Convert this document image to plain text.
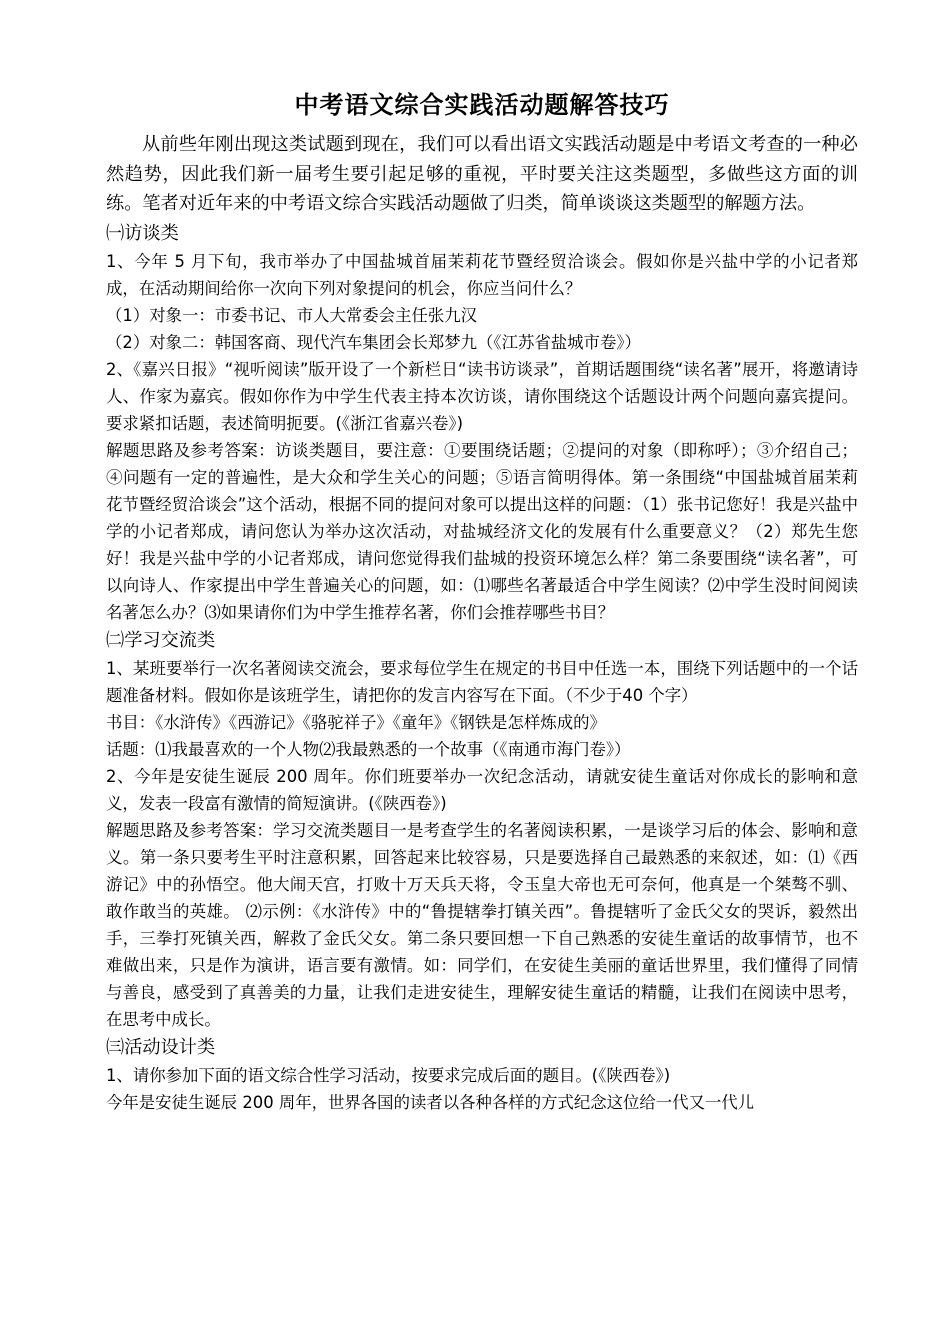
中考语文综合实践活动题解答技巧

从前些年刚出现这类试题到现在，我们可以看出语文实践活动题是中考语文考查的一种必然趋势，因此我们新一届考生要引起足够的重视，平时要关注这类题型，多做些这方面的训练。笔者对近年来的中考语文综合实践活动题做了归类，简单谈谈这类题型的解题方法。

㈠访谈类

1、今年 5 月下旬，我市举办了中国盐城首届茉莉花节暨经贸洽谈会。假如你是兴盐中学的小记者郑成，在活动期间给你一次向下列对象提问的机会，你应当问什么？

（1）对象一：市委书记、市人大常委会主任张九汉

（2）对象二：韩国客商、现代汽车集团会长郑梦九（《江苏省盐城市卷》）

2、《嘉兴日报》“视听阅读”版开设了一个新栏日“读书访谈录”，首期话题围绕“读名著”展开，将邀请诗人、作家为嘉宾。假如你作为中学生代表主持本次访谈，请你围绕这个话题设计两个问题向嘉宾提问。要求紧扣话题，表述简明扼要。(《浙江省嘉兴卷》)

解题思路及参考答案：访谈类题目，要注意：①要围绕话题；②提问的对象（即称呼）；③介绍自己；④问题有一定的普遍性，是大众和学生关心的问题；⑤语言简明得体。第一条围绕“中国盐城首届茉莉花节暨经贸洽谈会”这个活动，根据不同的提问对象可以提出这样的问题：（1）张书记您好！我是兴盐中学的小记者郑成，请问您认为举办这次活动，对盐城经济文化的发展有什么重要意义？（2）郑先生您好！我是兴盐中学的小记者郑成，请问您觉得我们盐城的投资环境怎么样？第二条要围绕“读名著”，可以向诗人、作家提出中学生普遍关心的问题，如：⑴哪些名著最适合中学生阅读？⑵中学生没时间阅读名著怎么办？⑶如果请你们为中学生推荐名著，你们会推荐哪些书目？

㈡学习交流类

1、某班要举行一次名著阅读交流会，要求每位学生在规定的书目中任选一本，围绕下列话题中的一个话题准备材料。假如你是该班学生，请把你的发言内容写在下面。（不少于40 个字）

书目：《水浒传》《西游记》《骆驼祥子》《童年》《钢铁是怎样炼成的》

话题：⑴我最喜欢的一个人物⑵我最熟悉的一个故事（《南通市海门卷》）

2、今年是安徒生诞辰 200 周年。你们班要举办一次纪念活动，请就安徒生童话对你成长的影响和意义，发表一段富有激情的简短演讲。(《陕西卷》)

解题思路及参考答案：学习交流类题目一是考查学生的名著阅读积累，一是谈学习后的体会、影响和意义。第一条只要考生平时注意积累，回答起来比较容易，只是要选择自己最熟悉的来叙述，如：⑴《西游记》中的孙悟空。他大闹天宫，打败十万天兵天将，令玉皇大帝也无可奈何，他真是一个桀骜不驯、敢作敢当的英雄。 ⑵示例：《水浒传》中的“鲁提辖拳打镇关西”。鲁提辖听了金氏父女的哭诉，毅然出手，三拳打死镇关西，解救了金氏父女。第二条只要回想一下自己熟悉的安徒生童话的故事情节，也不难做出来，只是作为演讲，语言要有激情。如：同学们，在安徒生美丽的童话世界里，我们懂得了同情与善良，感受到了真善美的力量，让我们走进安徒生，理解安徒生童话的精髓，让我们在阅读中思考，在思考中成长。

㈢活动设计类

1、请你参加下面的语文综合性学习活动，按要求完成后面的题目。(《陕西卷》)

今年是安徒生诞辰 200 周年，世界各国的读者以各种各样的方式纪念这位给一代又一代儿
